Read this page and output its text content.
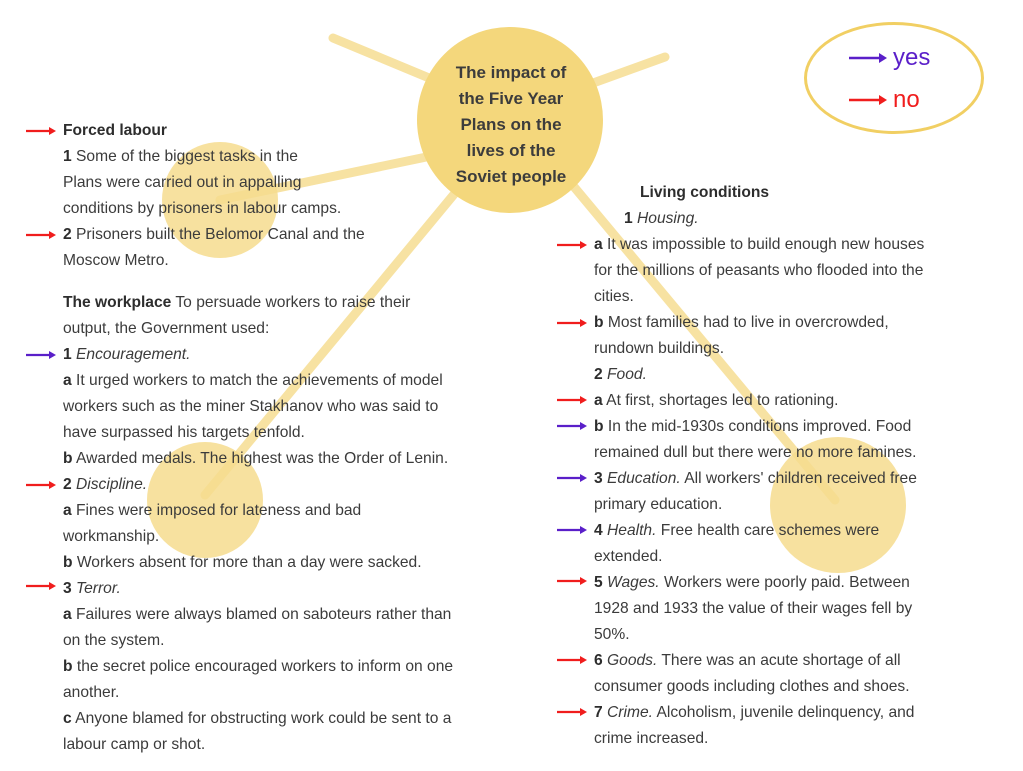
The impact of
the Five Year
Plans on the
lives of the
Soviet people
yes
no
Forced labour
1 Some of the biggest tasks in the
Plans were carried out in appalling
conditions by prisoners in labour camps.
2 Prisoners built the Belomor Canal and the
Moscow Metro.
The workplace To persuade workers to raise their
output, the Government used:
1 Encouragement.
a It urged workers to match the achievements of model
workers such as the miner Stakhanov who was said to
have surpassed his targets tenfold.
b Awarded medals. The highest was the Order of Lenin.
2 Discipline.
a Fines were imposed for lateness and bad
workmanship.
b Workers absent for more than a day were sacked.
3 Terror.
a Failures were always blamed on saboteurs rather than
on the system.
b the secret police encouraged workers to inform on one
another.
c Anyone blamed for obstructing work could be sent to a
labour camp or shot.
Living conditions
1 Housing.
a It was impossible to build enough new houses
for the millions of peasants who flooded into the
cities.
b Most families had to live in overcrowded,
rundown buildings.
2 Food.
a At first, shortages led to rationing.
b In the mid-1930s conditions improved. Food
remained dull but there were no more famines.
3 Education. All workers' children received free
primary education.
4 Health. Free health care schemes were
extended.
5 Wages. Workers were poorly paid. Between
1928 and 1933 the value of their wages fell by
50%.
6 Goods. There was an acute shortage of all
consumer goods including clothes and shoes.
7 Crime. Alcoholism, juvenile delinquency, and
crime increased.
